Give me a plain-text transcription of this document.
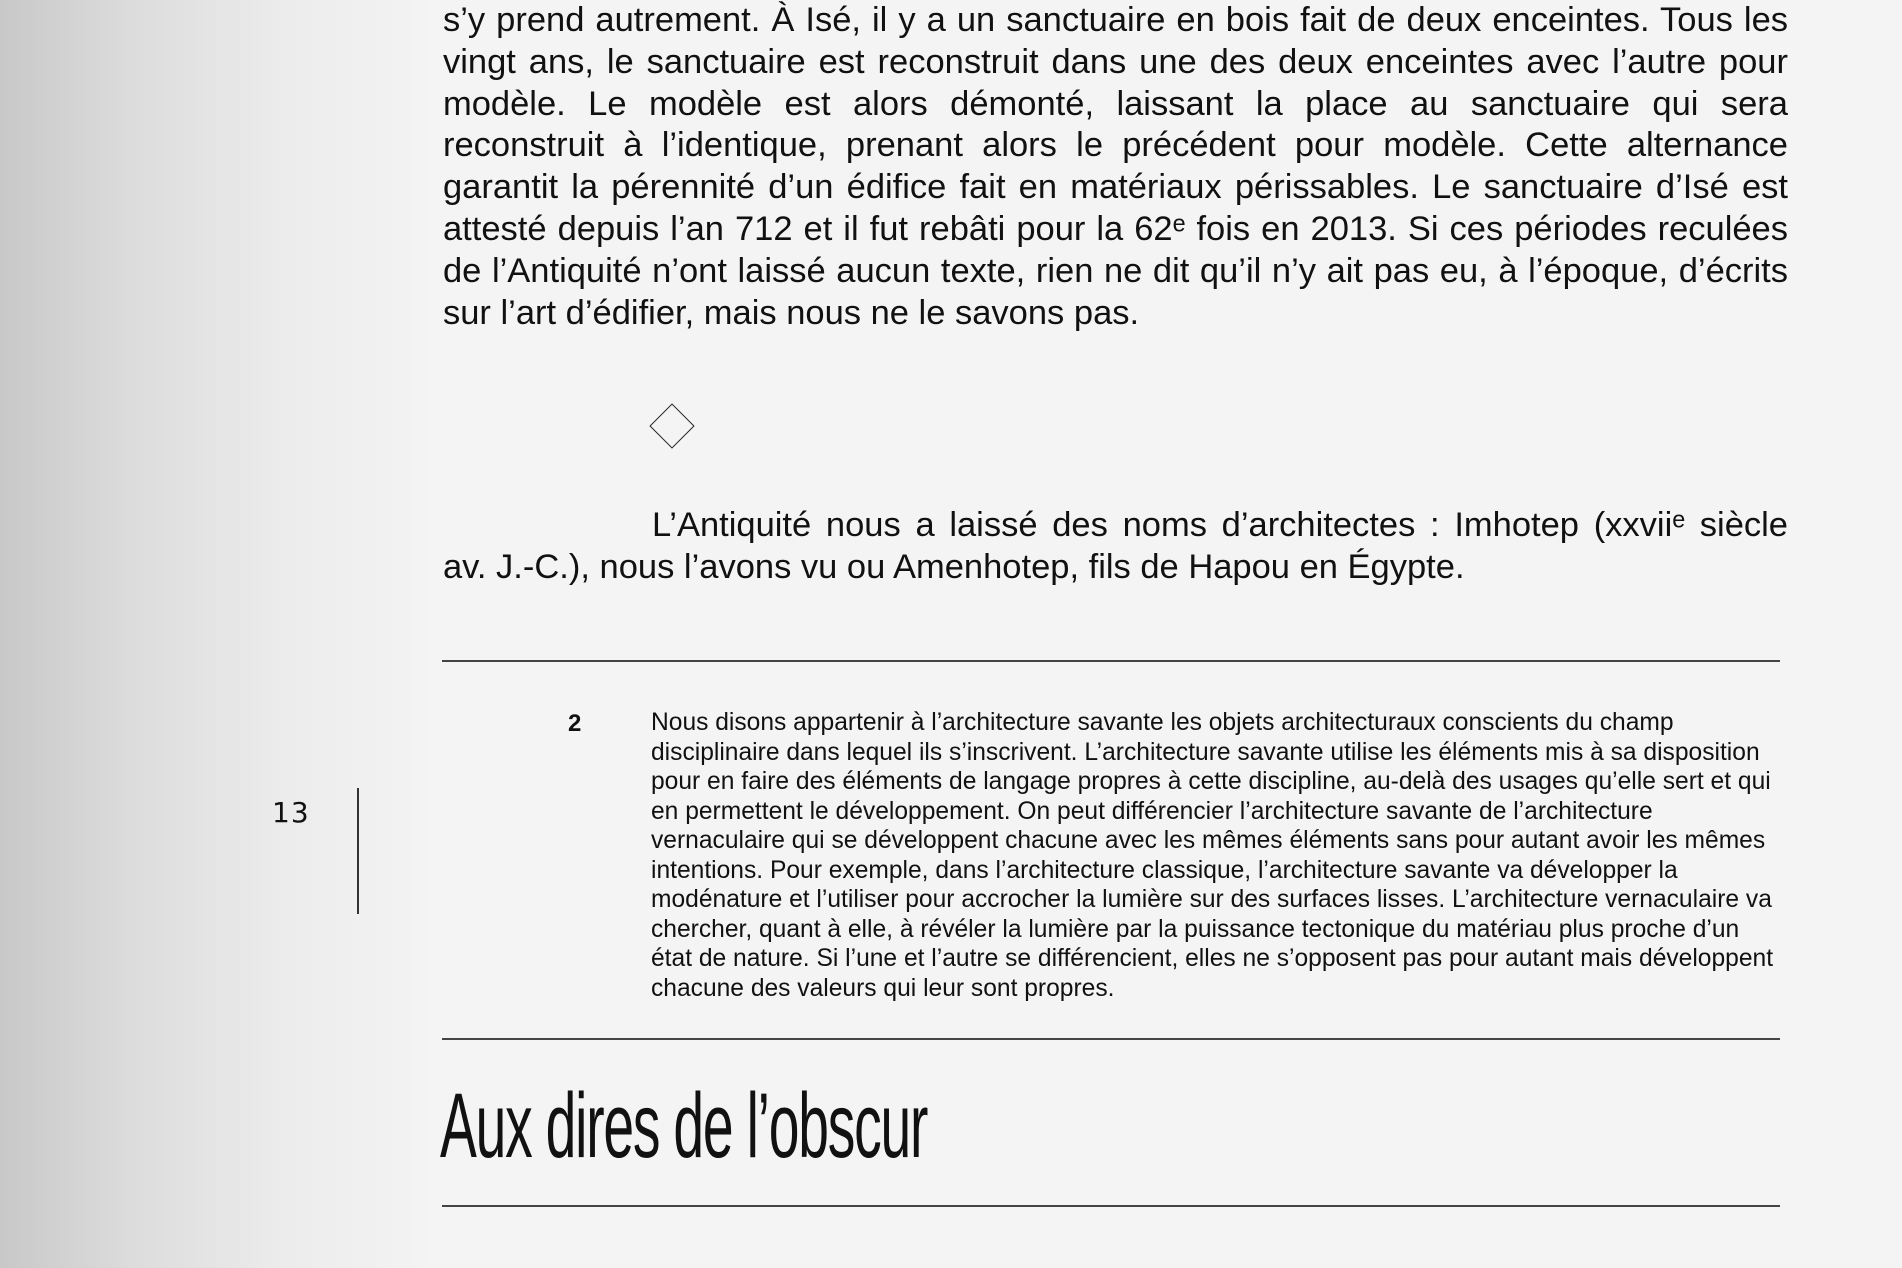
s’y prend autrement. À Isé, il y a un sanctuaire en bois fait de deux enceintes. Tous les vingt ans, le sanctuaire est reconstruit dans une des deux enceintes avec l’autre pour modèle. Le modèle est alors démonté, laissant la place au sanctuaire qui sera reconstruit à l’identique, prenant alors le précédent pour modèle. Cette alternance garantit la pérennité d’un édifice fait en matériaux périssables. Le sanctuaire d’Isé est attesté depuis l’an 712 et il fut rebâti pour la 62ᵉ fois en 2013. Si ces périodes reculées de l’Antiquité n’ont laissé aucun texte, rien ne dit qu’il n’y ait pas eu, à l’époque, d’écrits sur l’art d’édifier, mais nous ne le savons pas.

L’Antiquité nous a laissé des noms d’architectes : Imhotep (xxviiᵉ siècle av. J.-C.), nous l’avons vu ou Amenhotep, fils de Hapou en Égypte.

2	Nous disons appartenir à l’architecture savante les objets architecturaux conscients du champ disciplinaire dans lequel ils s’inscrivent. L’architecture savante utilise les éléments mis à sa disposition pour en faire des éléments de langage propres à cette discipline, au-delà des usages qu’elle sert et qui en permettent le développement. On peut différencier l’architecture savante de l’architecture vernaculaire qui se développent chacune avec les mêmes éléments sans pour autant avoir les mêmes intentions. Pour exemple, dans l’architecture classique, l’architecture savante va développer la modénature et l’utiliser pour accrocher la lumière sur des surfaces lisses. L’architecture vernaculaire va chercher, quant à elle, à révéler la lumière par la puissance tectonique du matériau plus proche d’un état de nature. Si l’une et l’autre se différencient, elles ne s’opposent pas pour autant mais développent chacune des valeurs qui leur sont propres.

13
Aux dires de l’obscur
